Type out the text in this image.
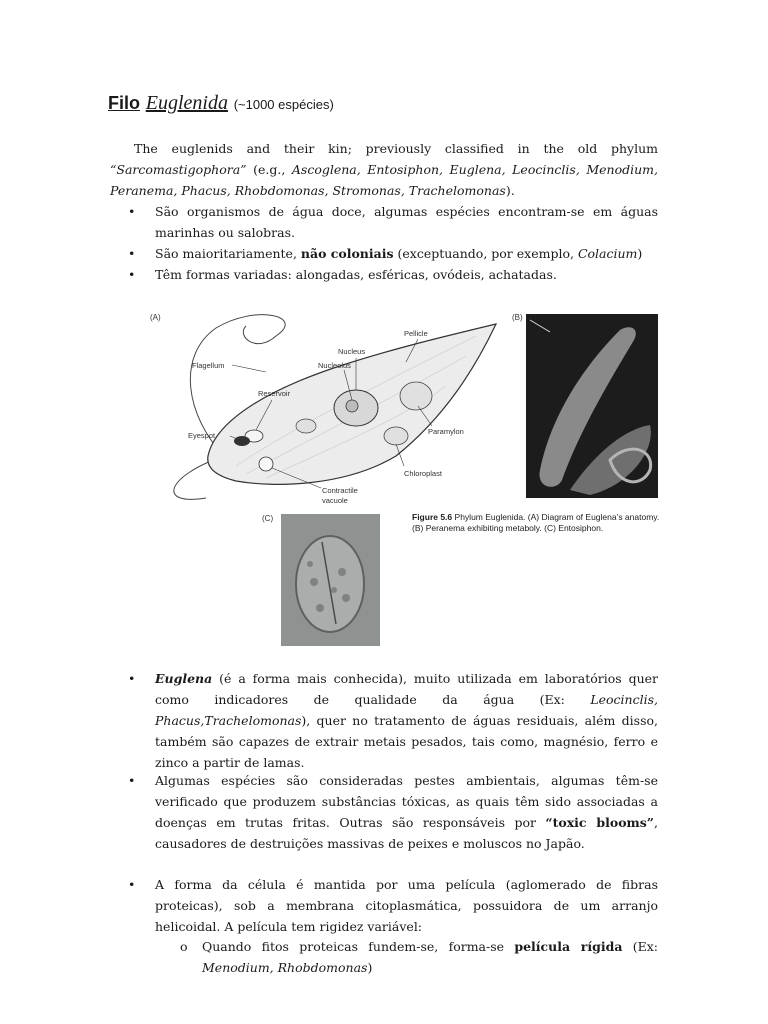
Filo Euglenida (~1000 espécies)
The euglenids and their kin; previously classified in the old phylum “Sarcomastigophora” (e.g., Ascoglena, Entosiphon, Euglena, Leocinclis, Menodium, Peranema, Phacus, Rhobdomonas, Stromonas, Trachelomonas).
•	São organismos de água doce, algumas espécies encontram-se em águas marinhas ou salobras.
•	São maioritariamente, não coloniais (exceptuando, por exemplo, Colacium)
•	Têm formas variadas: alongadas, esféricas, ovódeis, achatadas.
(A)
Flagellum
Nucleus
Nucleolus
Pellicle
Reservoir
Eyespot	Paramylon
Chloroplast
Contractile
vacuole
(B)
(C)	Figure 5.6 Phylum Euglenida. (A) Diagram of Euglena’s anatomy. (B) Peranema exhibiting metaboly. (C) Entosiphon.
•	Euglena (é a forma mais conhecida), muito utilizada em laboratórios quer como indicadores de qualidade da água (Ex: Leocinclis, Phacus,Trachelomonas), quer no tratamento de águas residuais, além disso, também são capazes de extrair metais pesados, tais como, magnésio, ferro e zinco a partir de lamas.
•	Algumas espécies são consideradas pestes ambientais, algumas têm-se verificado que produzem substâncias tóxicas, as quais têm sido associadas a doenças em trutas fritas. Outras são responsáveis por “toxic blooms”, causadores de destruições massivas de peixes e moluscos no Japão.
•	A forma da célula é mantida por uma película (aglomerado de fibras proteicas), sob a membrana citoplasmática, possuidora de um arranjo helicoidal. A película tem rigidez variável:
o	Quando fitos proteicas fundem-se, forma-se película rígida (Ex: Menodium, Rhobdomonas)
